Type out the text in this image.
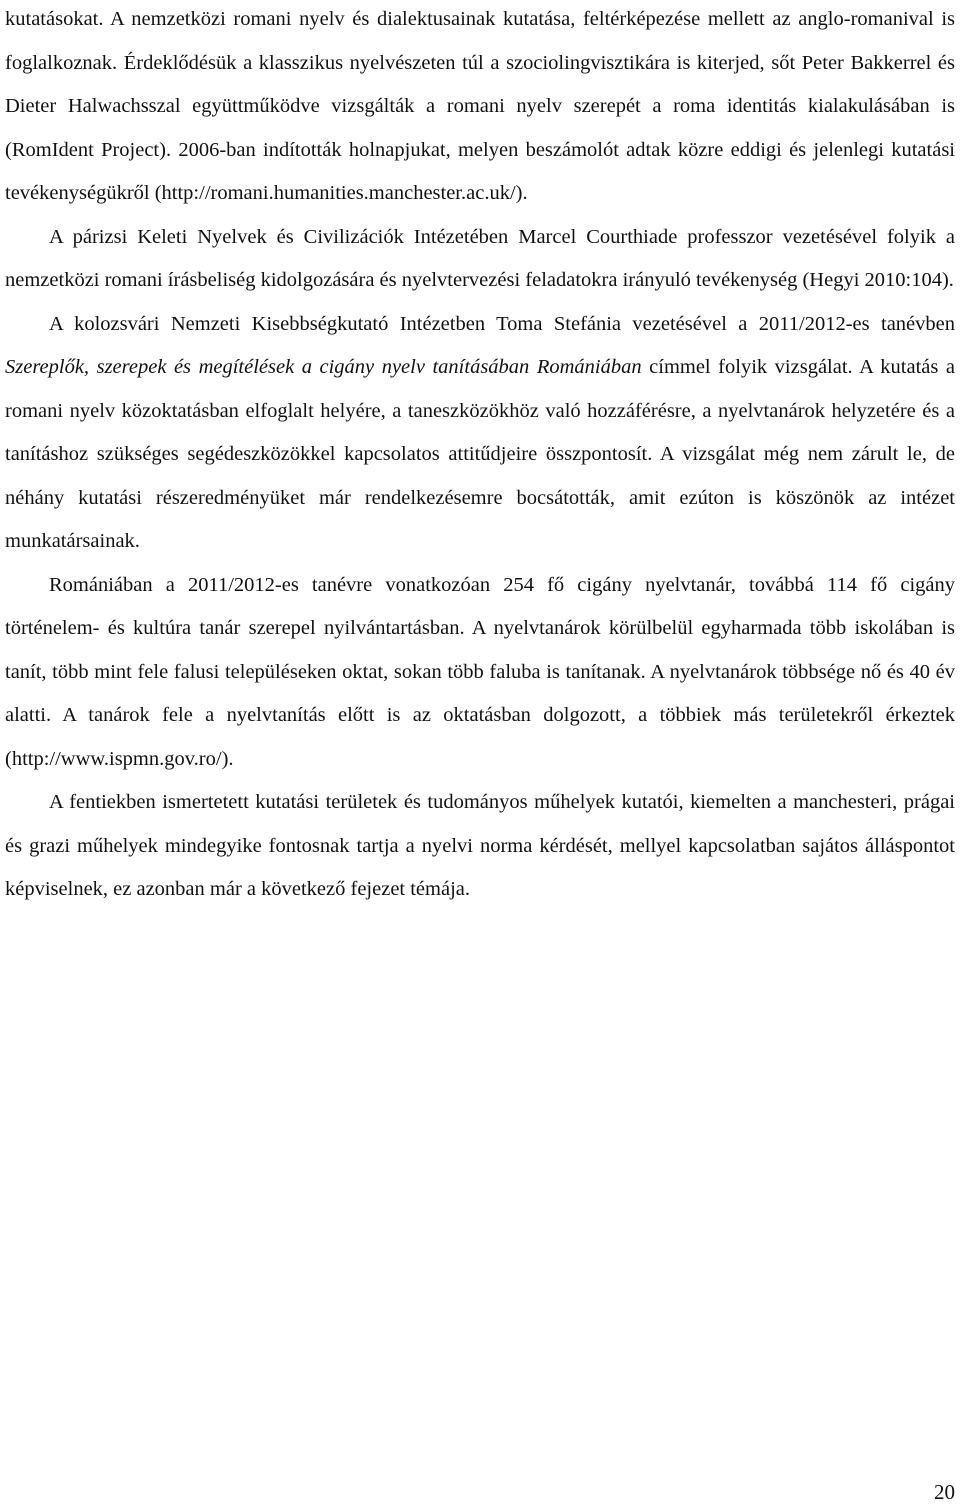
kutatásokat. A nemzetközi romani nyelv és dialektusainak kutatása, feltérképezése mellett az anglo-romanival is foglalkoznak. Érdeklődésük a klasszikus nyelvészeten túl a szociolingvisztikára is kiterjed, sőt Peter Bakkerrel és Dieter Halwachsszal együttműködve vizsgálták a romani nyelv szerepét a roma identitás kialakulásában is (RomIdent Project). 2006-ban indították holnapjukat, melyen beszámolót adtak közre eddigi és jelenlegi kutatási tevékenységükről (http://romani.humanities.manchester.ac.uk/).

A párizsi Keleti Nyelvek és Civilizációk Intézetében Marcel Courthiade professzor vezetésével folyik a nemzetközi romani írásbeliség kidolgozására és nyelvtervezési feladatokra irányuló tevékenység (Hegyi 2010:104).

A kolozsvári Nemzeti Kisebbségkutató Intézetben Toma Stefánia vezetésével a 2011/2012-es tanévben Szereplők, szerepek és megítélések a cigány nyelv tanításában Romániában címmel folyik vizsgálat. A kutatás a romani nyelv közoktatásban elfoglalt helyére, a taneszközökhöz való hozzáférésre, a nyelvtanárok helyzetére és a tanításhoz szükséges segédeszközökkel kapcsolatos attitűdjeire összpontosít. A vizsgálat még nem zárult le, de néhány kutatási részeredményüket már rendelkezésemre bocsátották, amit ezúton is köszönök az intézet munkatársainak.

Romániában a 2011/2012-es tanévre vonatkozóan 254 fő cigány nyelvtanár, továbbá 114 fő cigány történelem- és kultúra tanár szerepel nyilvántartásban. A nyelvtanárok körülbelül egyharmada több iskolában is tanít, több mint fele falusi településeken oktat, sokan több faluba is tanítanak. A nyelvtanárok többsége nő és 40 év alatti. A tanárok fele a nyelvtanítás előtt is az oktatásban dolgozott, a többiek más területekről érkeztek (http://www.ispmn.gov.ro/).

A fentiekben ismertetett kutatási területek és tudományos műhelyek kutatói, kiemelten a manchesteri, prágai és grazi műhelyek mindegyike fontosnak tartja a nyelvi norma kérdését, mellyel kapcsolatban sajátos álláspontot képviselnek, ez azonban már a következő fejezet témája.

20
